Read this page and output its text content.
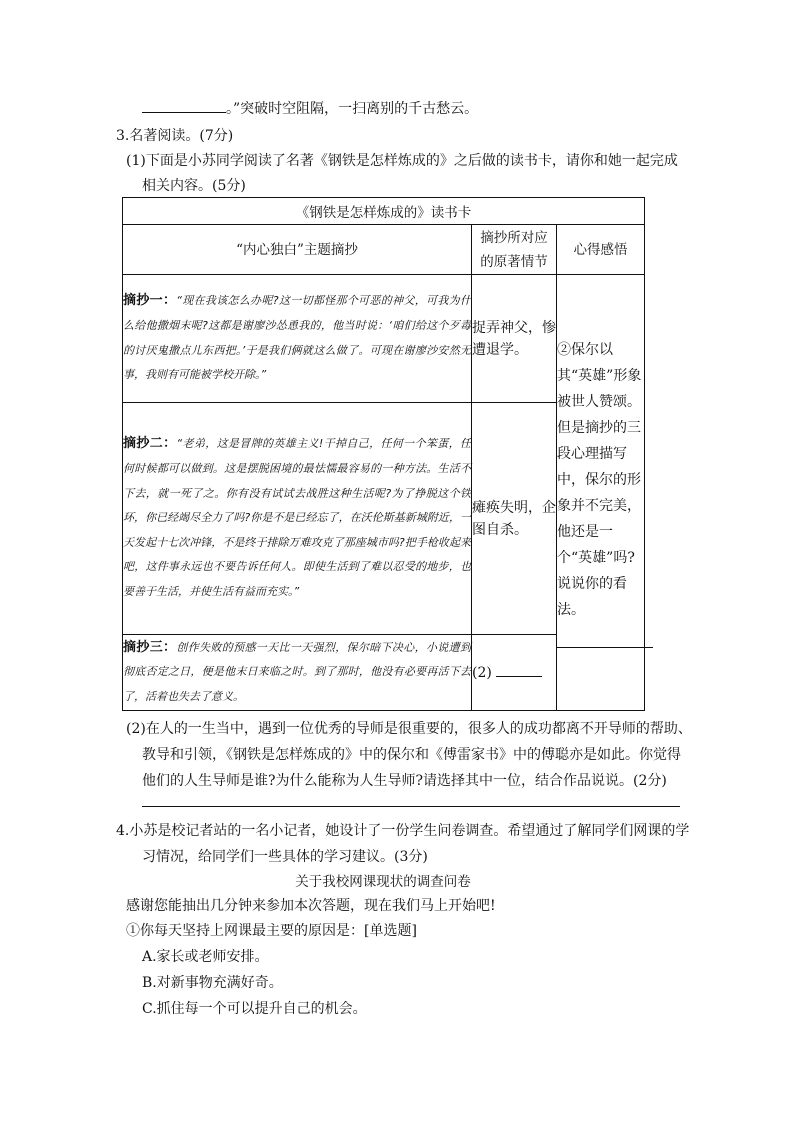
。”突破时空阻隔，一扫离别的千古愁云。
3.名著阅读。(7分)
(1)下面是小苏同学阅读了名著《钢铁是怎样炼成的》之后做的读书卡，请你和她一起完成
相关内容。(5分)
《钢铁是怎样炼成的》读书卡		
“内心独白”主题摘抄	摘抄所对应的原著情节	心得感悟
摘抄一：“现在我该怎么办呢?这一切都怪那个可恶的神父，可我为什么给他撒烟末呢?这都是谢廖沙怂恿我的，他当时说：‘咱们给这个歹毒的讨厌鬼撒点儿东西把。’于是我们俩就这么做了。可现在谢廖沙安然无事，我则有可能被学校开除。”	捉弄神父，惨遭退学。	②保尔以其“英雄”形象被世人赞颂。但是摘抄的三段心理描写中，保尔的形象并不完美，他还是一个“英雄”吗?说说你的看法。

摘抄二：“老弟，这是冒牌的英雄主义!干掉自己，任何一个笨蛋，任何时候都可以做到。这是摆脱困境的最怯懦最容易的一种方法。生活不下去，就一死了之。你有没有试试去战胜这种生活呢?为了挣脱这个铁环，你已经竭尽全力了吗?你是不是已经忘了，在沃伦斯基新城附近，一天发起十七次冲锋，不是终于排除万难攻克了那座城市吗?把手枪收起来吧，这件事永远也不要告诉任何人。即使生活到了难以忍受的地步，也要善于生活，并使生活有益而充实。”	瘫痪失明，企图自杀。	
摘抄三：创作失败的预感一天比一天强烈，保尔暗下决心，小说遭到彻底否定之日，便是他末日来临之时。到了那时，他没有必要再活下去了，活着也失去了意义。	(2)	
(2)在人的一生当中，遇到一位优秀的导师是很重要的，很多人的成功都离不开导师的帮助、
教导和引领，《钢铁是怎样炼成的》中的保尔和《傅雷家书》中的傅聪亦是如此。你觉得
他们的人生导师是谁?为什么能称为人生导师?请选择其中一位，结合作品说说。(2分)
4.小苏是校记者站的一名小记者，她设计了一份学生问卷调查。希望通过了解同学们网课的学
习情况，给同学们一些具体的学习建议。(3分)
关于我校网课现状的调查问卷
感谢您能抽出几分钟来参加本次答题，现在我们马上开始吧!
①你每天坚持上网课最主要的原因是：[单选题]
A.家长或老师安排。
B.对新事物充满好奇。
C.抓住每一个可以提升自己的机会。
